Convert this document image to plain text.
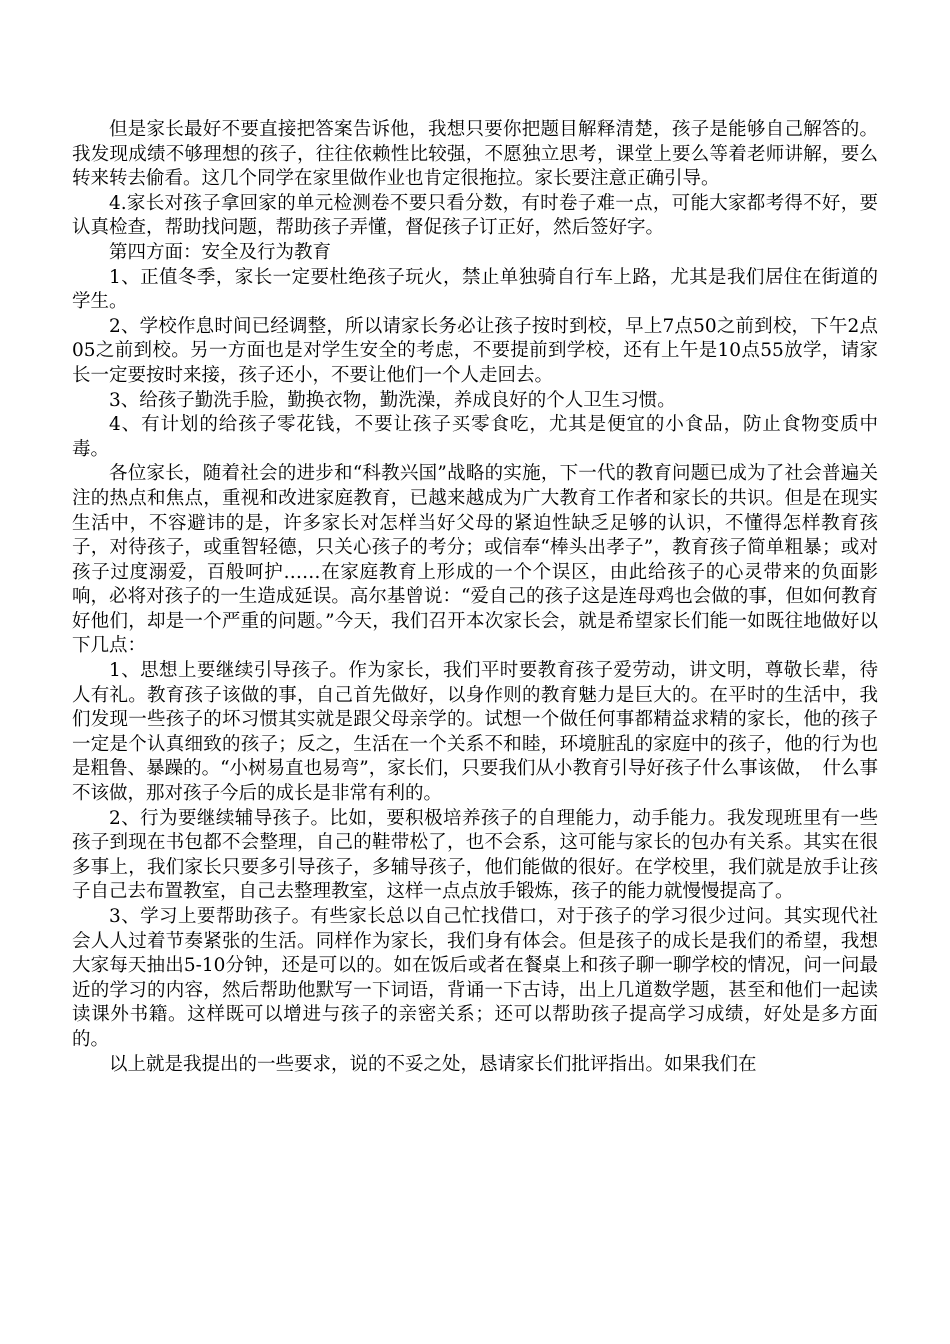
但是家长最好不要直接把答案告诉他，我想只要你把题目解释清楚，孩子是能够自己解答的。我发现成绩不够理想的孩子，往往依赖性比较强，不愿独立思考，课堂上要么等着老师讲解，要么转来转去偷看。这几个同学在家里做作业也肯定很拖拉。家长要注意正确引导。

4.家长对孩子拿回家的单元检测卷不要只看分数，有时卷子难一点，可能大家都考得不好，要认真检查，帮助找问题，帮助孩子弄懂，督促孩子订正好，然后签好字。

第四方面：安全及行为教育

1、正值冬季，家长一定要杜绝孩子玩火，禁止单独骑自行车上路，尤其是我们居住在街道的学生。

2、学校作息时间已经调整，所以请家长务必让孩子按时到校，早上7点50之前到校，下午2点05之前到校。另一方面也是对学生安全的考虑，不要提前到学校，还有上午是10点55放学，请家长一定要按时来接，孩子还小，不要让他们一个人走回去。

3、给孩子勤洗手脸，勤换衣物，勤洗澡，养成良好的个人卫生习惯。

4、有计划的给孩子零花钱，不要让孩子买零食吃，尤其是便宜的小食品，防止食物变质中毒。

各位家长，随着社会的进步和“科教兴国”战略的实施，下一代的教育问题已成为了社会普遍关注的热点和焦点，重视和改进家庭教育，已越来越成为广大教育工作者和家长的共识。但是在现实生活中，不容避讳的是，许多家长对怎样当好父母的紧迫性缺乏足够的认识，不懂得怎样教育孩子，对待孩子，或重智轻德，只关心孩子的考分；或信奉“棒头出孝子”，教育孩子简单粗暴；或对孩子过度溺爱，百般呵护……在家庭教育上形成的一个个误区，由此给孩子的心灵带来的负面影响，必将对孩子的一生造成延误。高尔基曾说：“爱自己的孩子这是连母鸡也会做的事，但如何教育好他们，却是一个严重的问题。”今天，我们召开本次家长会，就是希望家长们能一如既往地做好以下几点：

1、思想上要继续引导孩子。作为家长，我们平时要教育孩子爱劳动，讲文明，尊敬长辈，待人有礼。教育孩子该做的事，自己首先做好，以身作则的教育魅力是巨大的。在平时的生活中，我们发现一些孩子的坏习惯其实就是跟父母亲学的。试想一个做任何事都精益求精的家长，他的孩子一定是个认真细致的孩子；反之，生活在一个关系不和睦，环境脏乱的家庭中的孩子，他的行为也是粗鲁、暴躁的。“小树易直也易弯”，家长们，只要我们从小教育引导好孩子什么事该做，　什么事不该做，那对孩子今后的成长是非常有利的。

2、行为要继续辅导孩子。比如，要积极培养孩子的自理能力，动手能力。我发现班里有一些孩子到现在书包都不会整理，自己的鞋带松了，也不会系，这可能与家长的包办有关系。其实在很多事上，我们家长只要多引导孩子，多辅导孩子，他们能做的很好。在学校里，我们就是放手让孩子自己去布置教室，自己去整理教室，这样一点点放手锻炼，孩子的能力就慢慢提高了。

3、学习上要帮助孩子。有些家长总以自己忙找借口，对于孩子的学习很少过问。其实现代社会人人过着节奏紧张的生活。同样作为家长，我们身有体会。但是孩子的成长是我们的希望，我想大家每天抽出5-10分钟，还是可以的。如在饭后或者在餐桌上和孩子聊一聊学校的情况，问一问最近的学习的内容，然后帮助他默写一下词语，背诵一下古诗，出上几道数学题，甚至和他们一起读读课外书籍。这样既可以增进与孩子的亲密关系；还可以帮助孩子提高学习成绩，好处是多方面的。

以上就是我提出的一些要求，说的不妥之处，恳请家长们批评指出。如果我们在
